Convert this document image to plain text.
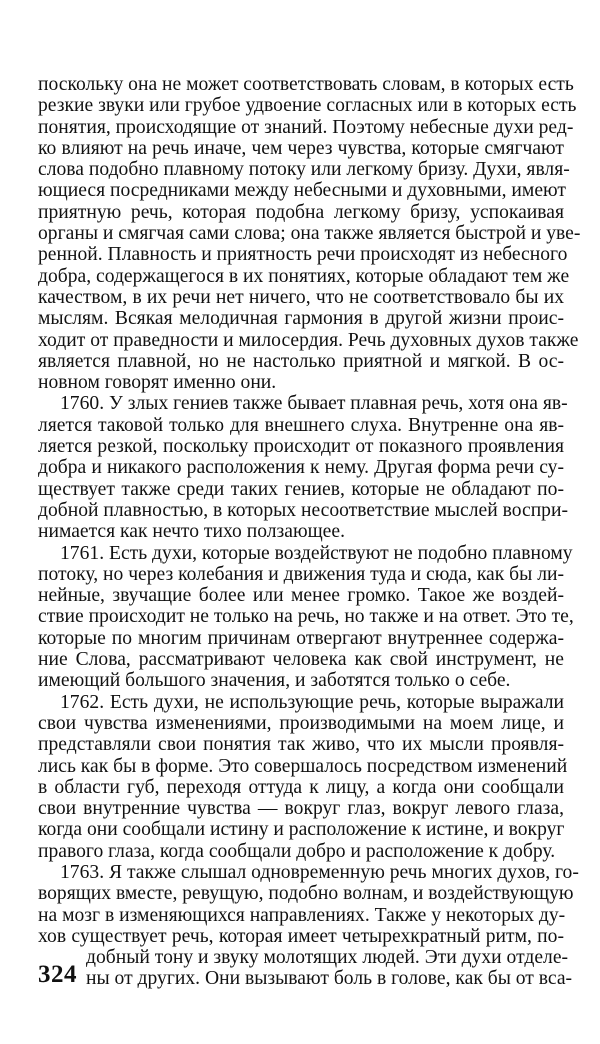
поскольку она не может соответствовать словам, в которых есть
резкие звуки или грубое удвоение согласных или в которых есть
понятия, происходящие от знаний. Поэтому небесные духи ред-
ко влияют на речь иначе, чем через чувства, которые смягчают
слова подобно плавному потоку или легкому бризу. Духи, явля-
ющиеся посредниками между небесными и духовными, имеют
приятную речь, которая подобна легкому бризу, успокаивая
органы и смягчая сами слова; она также является быстрой и уве-
ренной. Плавность и приятность речи происходят из небесного
добра, содержащегося в их понятиях, которые обладают тем же
качеством, в их речи нет ничего, что не соответствовало бы их
мыслям. Всякая мелодичная гармония в другой жизни проис-
ходит от праведности и милосердия. Речь духовных духов также
является плавной, но не настолько приятной и мягкой. В ос-
новном говорят именно они.
1760. У злых гениев также бывает плавная речь, хотя она яв-
ляется таковой только для внешнего слуха. Внутренне она яв-
ляется резкой, поскольку происходит от показного проявления
добра и никакого расположения к нему. Другая форма речи су-
ществует также среди таких гениев, которые не обладают по-
добной плавностью, в которых несоответствие мыслей воспри-
нимается как нечто тихо ползающее.
1761. Есть духи, которые воздействуют не подобно плавному
потоку, но через колебания и движения туда и сюда, как бы ли-
нейные, звучащие более или менее громко. Такое же воздей-
ствие происходит не только на речь, но также и на ответ. Это те,
которые по многим причинам отвергают внутреннее содержа-
ние Слова, рассматривают человека как свой инструмент, не
имеющий большого значения, и заботятся только о себе.
1762. Есть духи, не использующие речь, которые выражали
свои чувства изменениями, производимыми на моем лице, и
представляли свои понятия так живо, что их мысли проявля-
лись как бы в форме. Это совершалось посредством изменений
в области губ, переходя оттуда к лицу, а когда они сообщали
свои внутренние чувства — вокруг глаз, вокруг левого глаза,
когда они сообщали истину и расположение к истине, и вокруг
правого глаза, когда сообщали добро и расположение к добру.
1763. Я также слышал одновременную речь многих духов, го-
ворящих вместе, ревущую, подобно волнам, и воздействующую
на мозг в изменяющихся направлениях. Также у некоторых ду-
хов существует речь, которая имеет четырехкратный ритм, по-
добный тону и звуку молотящих людей. Эти духи отделе-
ны от других. Они вызывают боль в голове, как бы от вса-
324
